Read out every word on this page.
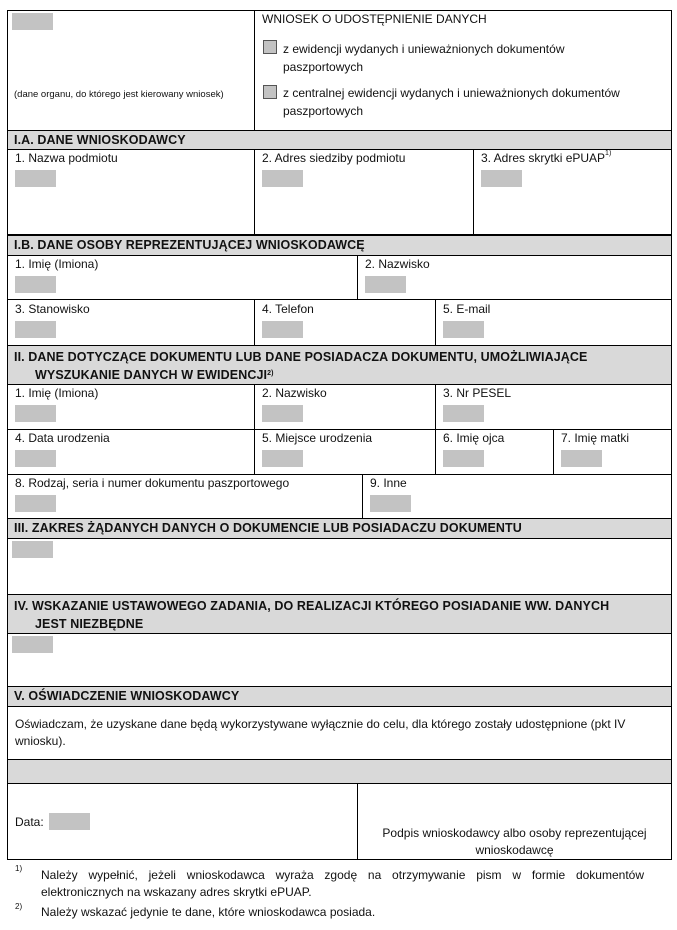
(dane organu, do którego jest kierowany wniosek)
WNIOSEK O UDOSTĘPNIENIE DANYCH
z ewidencji wydanych i unieważnionych dokumentów paszportowych
z centralnej ewidencji wydanych i unieważnionych dokumentów paszportowych
I.A. DANE WNIOSKODAWCY
1. Nazwa podmiotu	2. Adres siedziby podmiotu	3. Adres skrytki ePUAP$^{1)}$
I.B. DANE OSOBY REPREZENTUJĄCEJ WNIOSKODAWCĘ
1. Imię (Imiona)	2. Nazwisko
3. Stanowisko	4. Telefon	5. E-mail
II. DANE DOTYCZĄCE DOKUMENTU LUB DANE POSIADACZA DOKUMENTU, UMOŻLIWIAJĄCE
WYSZUKANIE DANYCH W EWIDENCJI$^{2)}$
1. Imię (Imiona)	2. Nazwisko	3. Nr PESEL
4. Data urodzenia	5. Miejsce urodzenia	6. Imię ojca	7. Imię matki
8. Rodzaj, seria i numer dokumentu paszportowego	9. Inne
III. ZAKRES ŻĄDANYCH DANYCH O DOKUMENCIE LUB POSIADACZU DOKUMENTU
IV. WSKAZANIE USTAWOWEGO ZADANIA, DO REALIZACJI KTÓREGO POSIADANIE WW. DANYCH
JEST NIEZBĘDNE
V. OŚWIADCZENIE WNIOSKODAWCY
Oświadczam, że uzyskane dane będą wykorzystywane wyłącznie do celu, dla którego zostały udostępnione (pkt IV wniosku).
Data:
Podpis wnioskodawcy albo osoby reprezentującej wnioskodawcę
1) Należy wypełnić, jeżeli wnioskodawca wyraża zgodę na otrzymywanie pism w formie dokumentów elektronicznych na wskazany adres skrytki ePUAP.
2) Należy wskazać jedynie te dane, które wnioskodawca posiada.
